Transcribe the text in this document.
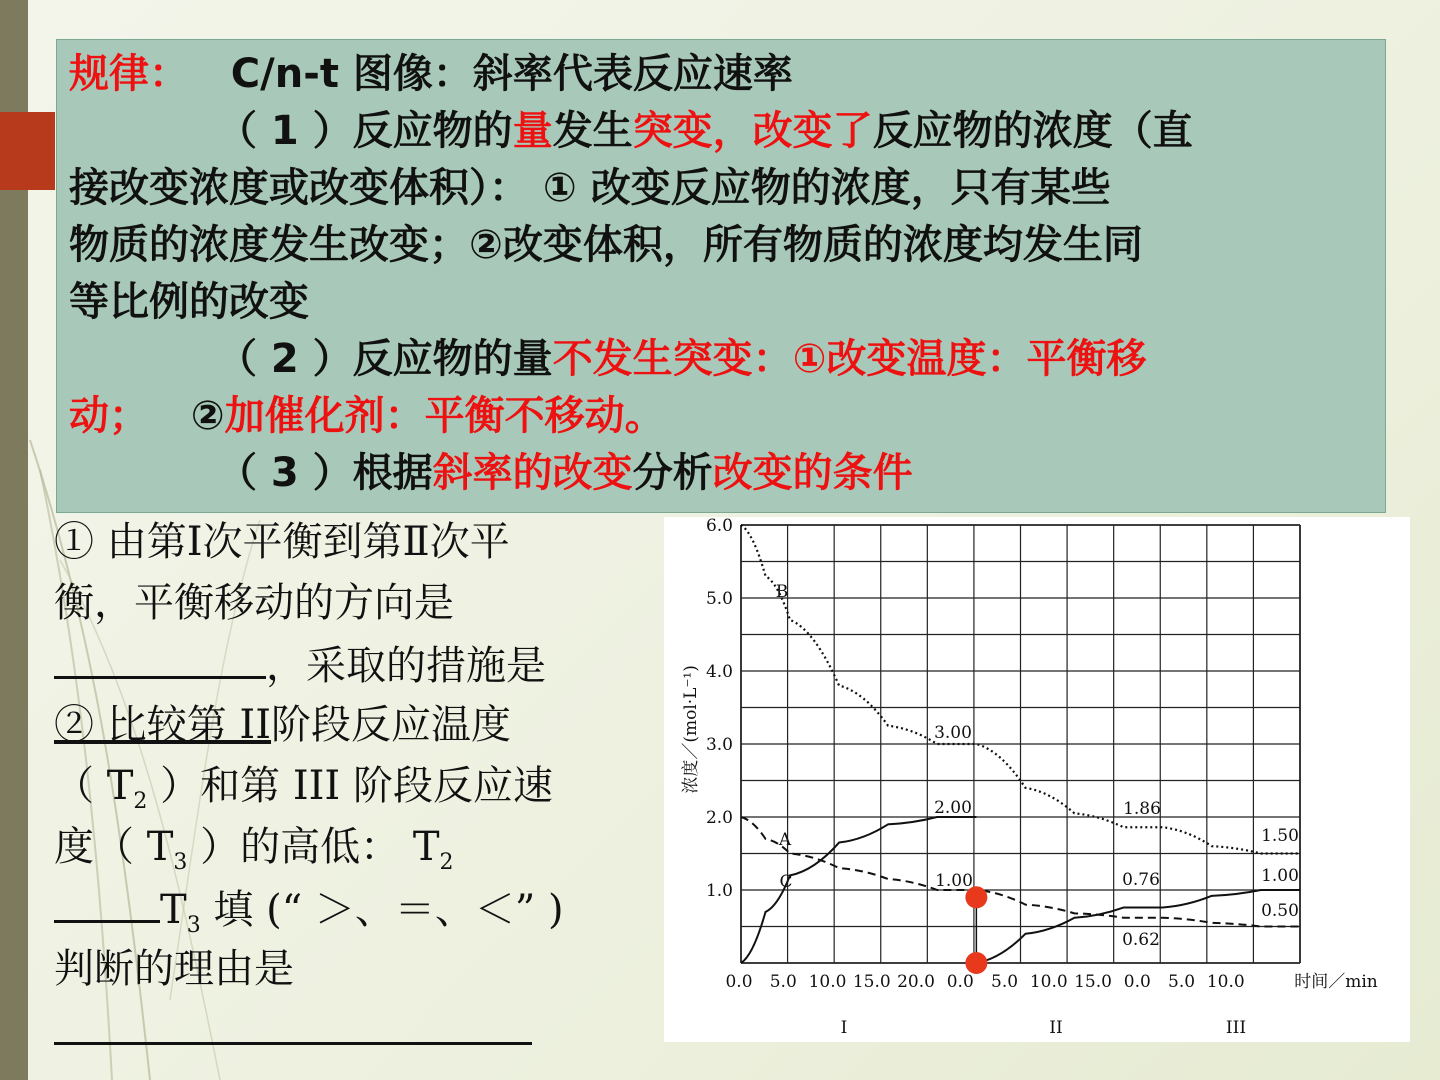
规律： C/n-t 图像：斜率代表反应速率
（ 1 ）反应物的量发生突变，改变了反应物的浓度（直
接改变浓度或改变体积）： ① 改变反应物的浓度，只有某些
物质的浓度发生改变；②改变体积，所有物质的浓度均发生同
等比例的改变
（ 2 ）反应物的量不发生突变：①改变温度：平衡移
动；   ②加催化剂：平衡不移动。
（ 3 ）根据斜率的改变分析改变的条件
① 由第Ⅰ次平衡到第Ⅱ次平
衡，平衡移动的方向是
，采取的措施是
② 比较第 II阶段反应温度
（ $T_2$ ）和第 III 阶段反应速
度（ $T_3$ ）的高低： $T_2$
$T_3$ 填 (“ ＞、＝、＜” )
判断的理由是
1.0
2.0
3.0
4.0
5.0
6.0
0.0 5.0 10.0 15.0 20.0 0.0 5.0 10.0 15.0 0.0 5.0 10.0	时间／min
浓度／(mol·L⁻¹)
I	II	III
A
B
C
3.00
2.00
1.00
1.86
0.76
0.62
1.50
1.00
0.50
